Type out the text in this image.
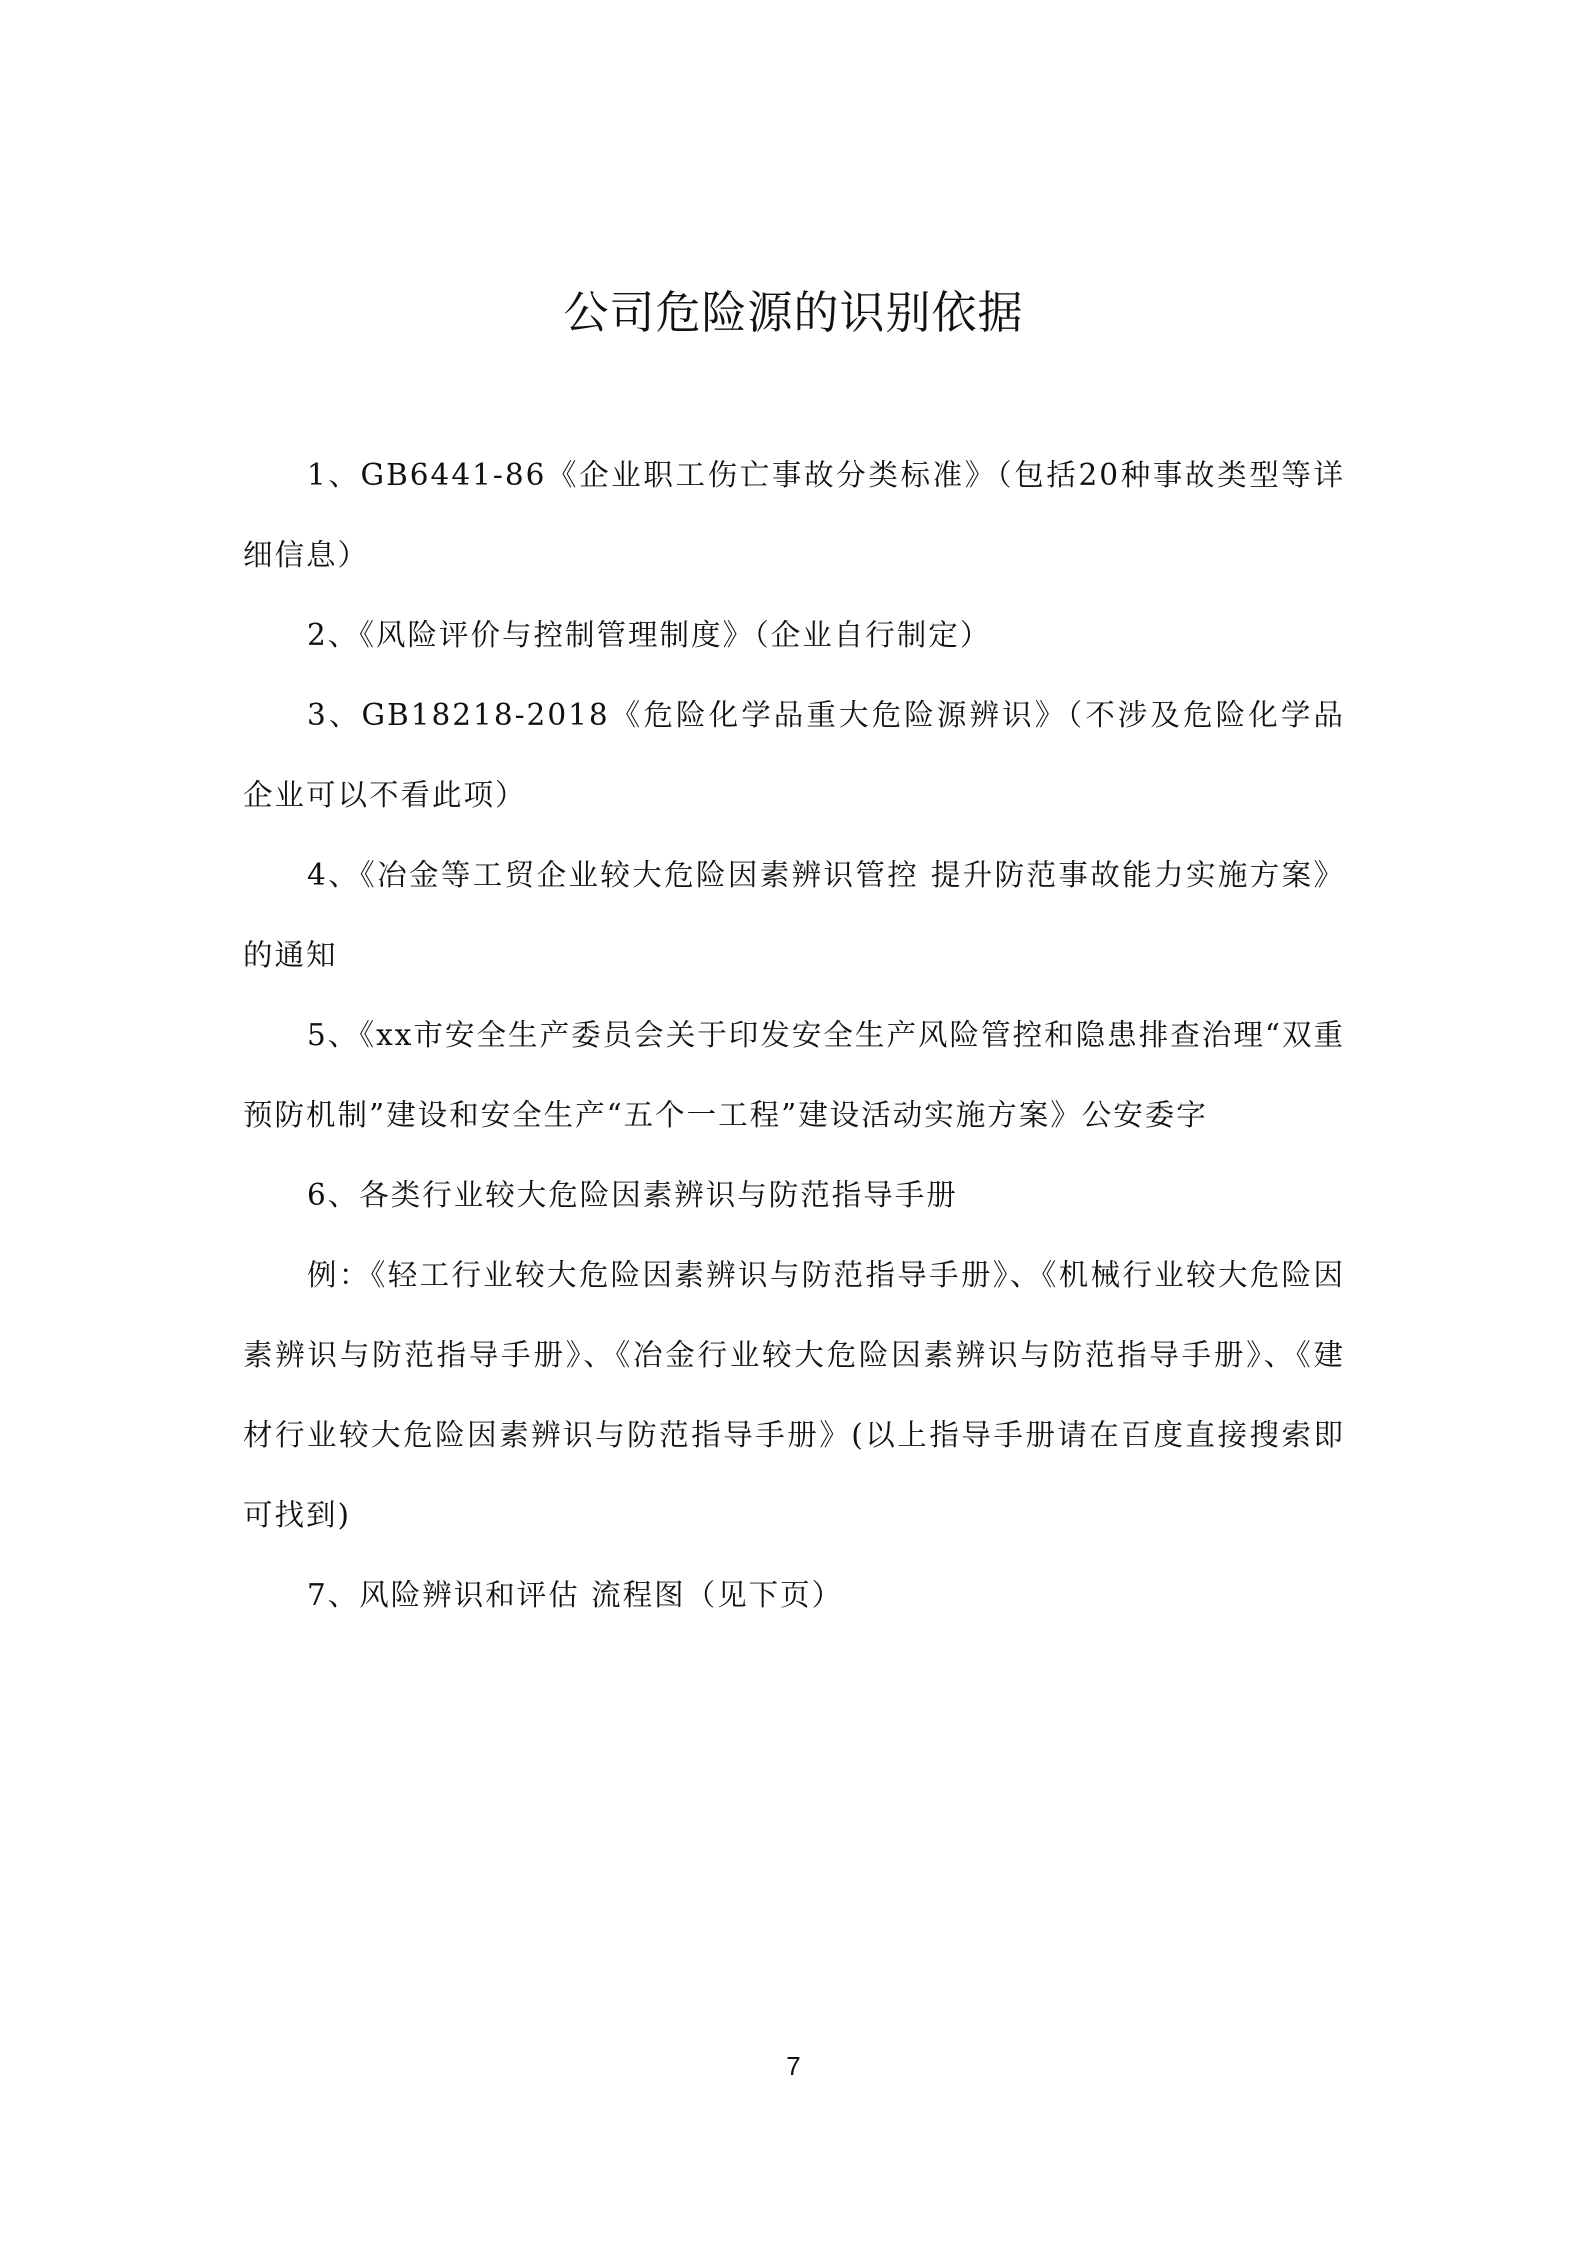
公司危险源的识别依据

1、GB6441-86《企业职工伤亡事故分类标准》（包括20种事故类型等详细信息）

2、《风险评价与控制管理制度》（企业自行制定）

3、GB18218-2018《危险化学品重大危险源辨识》（不涉及危险化学品企业可以不看此项）

4、《冶金等工贸企业较大危险因素辨识管控 提升防范事故能力实施方案》的通知

5、《xx市安全生产委员会关于印发安全生产风险管控和隐患排查治理“双重预防机制”建设和安全生产“五个一工程”建设活动实施方案》公安委字

6、各类行业较大危险因素辨识与防范指导手册

例：《轻工行业较大危险因素辨识与防范指导手册》、《机械行业较大危险因素辨识与防范指导手册》、《冶金行业较大危险因素辨识与防范指导手册》、《建材行业较大危险因素辨识与防范指导手册》(以上指导手册请在百度直接搜索即可找到)

7、风险辨识和评估 流程图（见下页）

7
